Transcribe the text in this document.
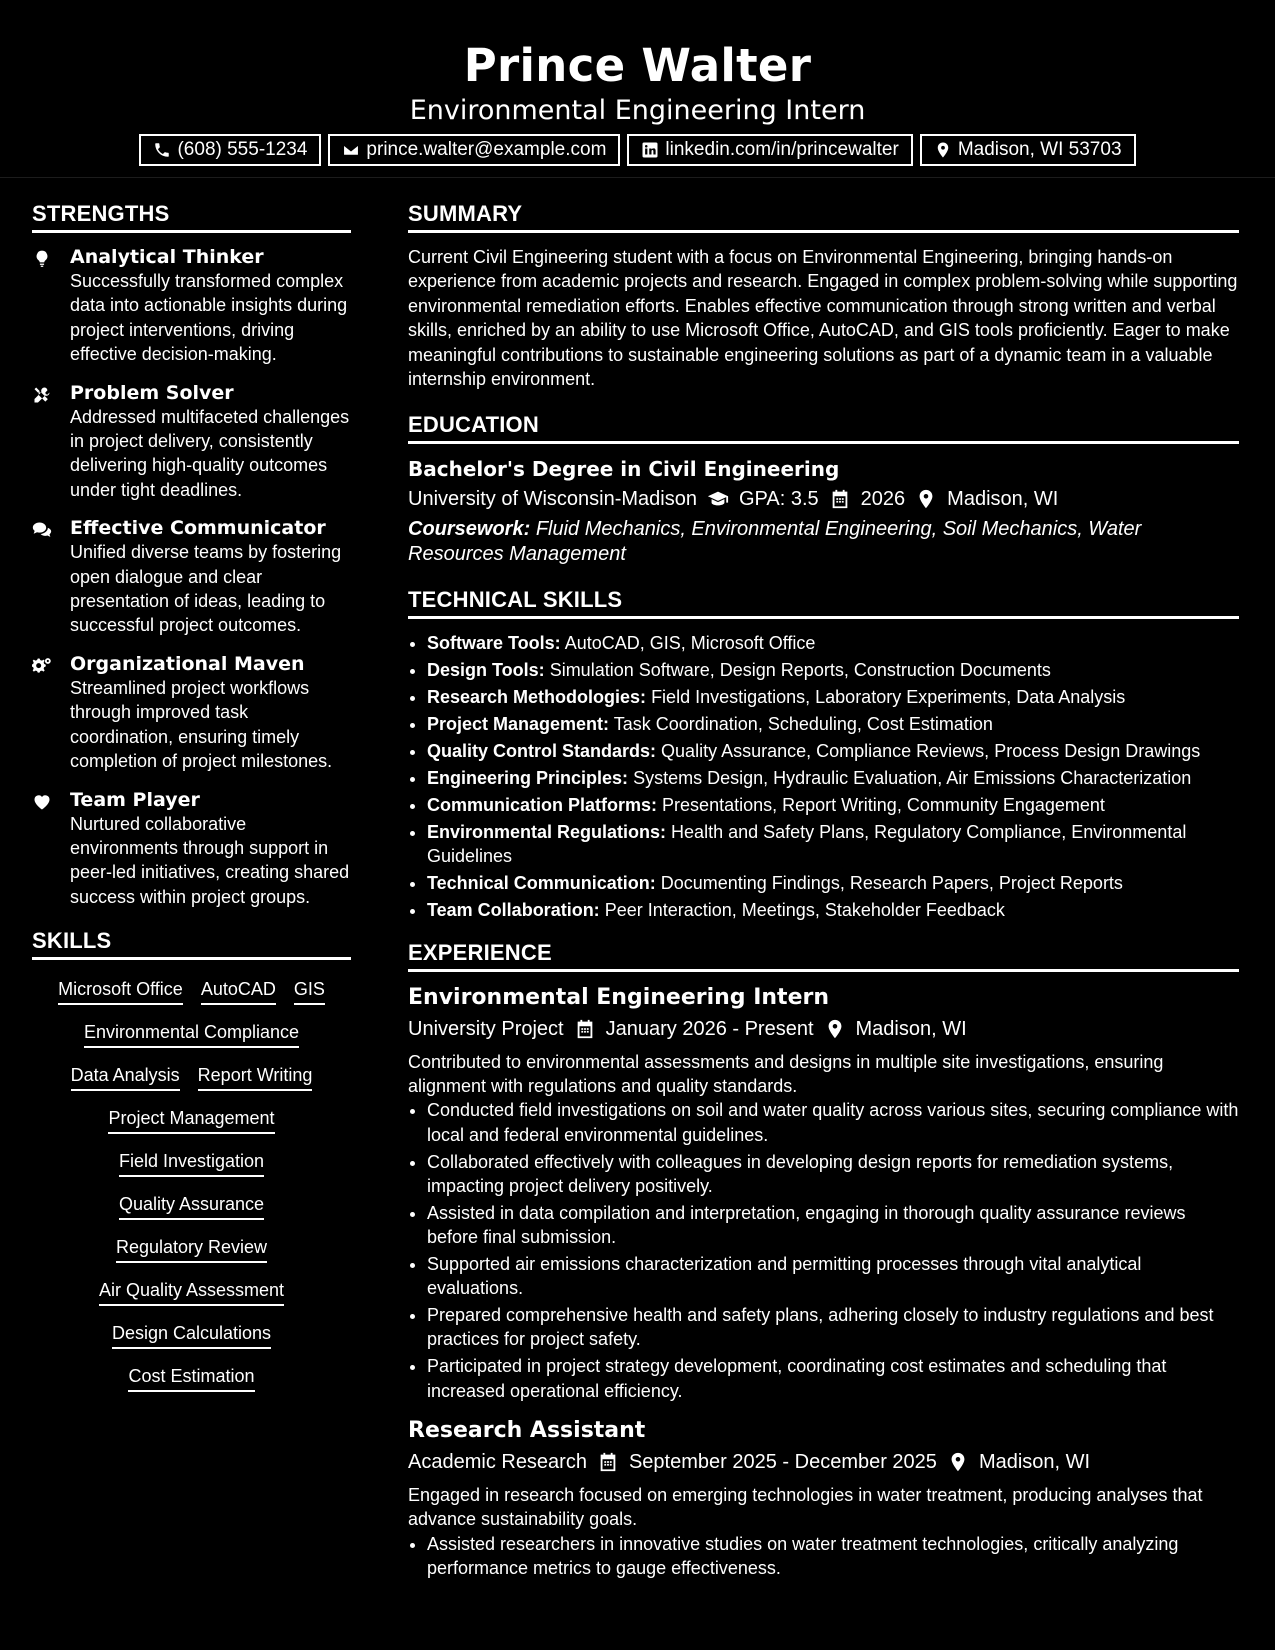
Prince Walter
Environmental Engineering Intern
(608) 555-1234	prince.walter@example.com	linkedin.com/in/princewalter	Madison, WI 53703
STRENGTHS
Analytical Thinker
Successfully transformed complex data into actionable insights during project interventions, driving effective decision-making.
Problem Solver
Addressed multifaceted challenges in project delivery, consistently delivering high-quality outcomes under tight deadlines.
Effective Communicator
Unified diverse teams by fostering open dialogue and clear presentation of ideas, leading to successful project outcomes.
Organizational Maven
Streamlined project workflows through improved task coordination, ensuring timely completion of project milestones.
Team Player
Nurtured collaborative environments through support in peer-led initiatives, creating shared success within project groups.
SKILLS
Microsoft Office AutoCAD GIS
Environmental Compliance
Data Analysis Report Writing
Project Management
Field Investigation
Quality Assurance
Regulatory Review
Air Quality Assessment
Design Calculations
Cost Estimation
SUMMARY
Current Civil Engineering student with a focus on Environmental Engineering, bringing hands-on experience from academic projects and research. Engaged in complex problem-solving while supporting environmental remediation efforts. Enables effective communication through strong written and verbal skills, enriched by an ability to use Microsoft Office, AutoCAD, and GIS tools proficiently. Eager to make meaningful contributions to sustainable engineering solutions as part of a dynamic team in a valuable internship environment.
EDUCATION
Bachelor's Degree in Civil Engineering
University of Wisconsin-Madison GPA: 3.5 2026 Madison, WI
Coursework: Fluid Mechanics, Environmental Engineering, Soil Mechanics, Water Resources Management
TECHNICAL SKILLS
• Software Tools: AutoCAD, GIS, Microsoft Office
• Design Tools: Simulation Software, Design Reports, Construction Documents
• Research Methodologies: Field Investigations, Laboratory Experiments, Data Analysis
• Project Management: Task Coordination, Scheduling, Cost Estimation
• Quality Control Standards: Quality Assurance, Compliance Reviews, Process Design Drawings
• Engineering Principles: Systems Design, Hydraulic Evaluation, Air Emissions Characterization
• Communication Platforms: Presentations, Report Writing, Community Engagement
• Environmental Regulations: Health and Safety Plans, Regulatory Compliance, Environmental Guidelines
• Technical Communication: Documenting Findings, Research Papers, Project Reports
• Team Collaboration: Peer Interaction, Meetings, Stakeholder Feedback
EXPERIENCE
Environmental Engineering Intern
University Project January 2026 - Present Madison, WI
Contributed to environmental assessments and designs in multiple site investigations, ensuring alignment with regulations and quality standards.
• Conducted field investigations on soil and water quality across various sites, securing compliance with local and federal environmental guidelines.
• Collaborated effectively with colleagues in developing design reports for remediation systems, impacting project delivery positively.
• Assisted in data compilation and interpretation, engaging in thorough quality assurance reviews before final submission.
• Supported air emissions characterization and permitting processes through vital analytical evaluations.
• Prepared comprehensive health and safety plans, adhering closely to industry regulations and best practices for project safety.
• Participated in project strategy development, coordinating cost estimates and scheduling that increased operational efficiency.
Research Assistant
Academic Research September 2025 - December 2025 Madison, WI
Engaged in research focused on emerging technologies in water treatment, producing analyses that advance sustainability goals.
• Assisted researchers in innovative studies on water treatment technologies, critically analyzing performance metrics to gauge effectiveness.
